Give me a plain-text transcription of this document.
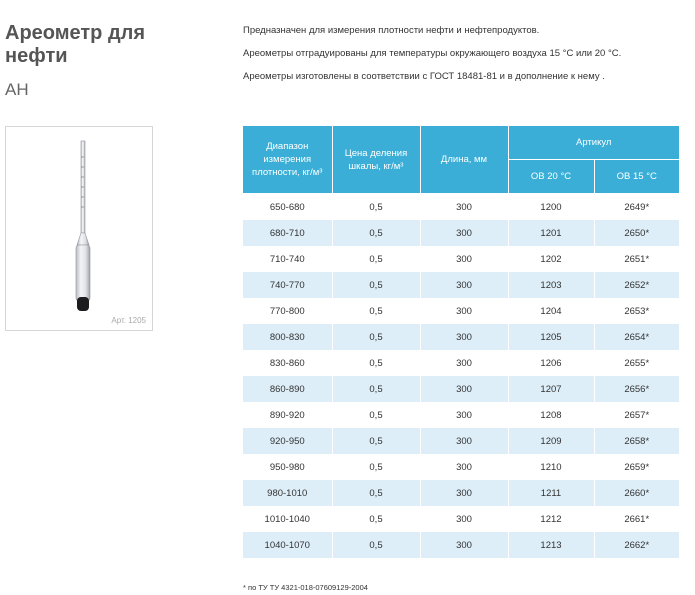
Ареометр для нефти
АН
Арт. 1205

Предназначен для измерения плотности нефти и нефтепродуктов.

Ареометры отградуированы для температуры окружающего воздуха 15 °С или 20 °С.

Ареометры изготовлены в соответствии с ГОСТ 18481-81 и в дополнение к нему .

Диапазон измерения плотности, кг/м³	Цена деления шкалы, кг/м³	Длина, мм	Артикул	
			ОВ 20 °С	ОВ 15 °С
650-680	0,5	300	1200	2649*
680-710	0,5	300	1201	2650*
710-740	0,5	300	1202	2651*
740-770	0,5	300	1203	2652*
770-800	0,5	300	1204	2653*
800-830	0,5	300	1205	2654*
830-860	0,5	300	1206	2655*
860-890	0,5	300	1207	2656*
890-920	0,5	300	1208	2657*
920-950	0,5	300	1209	2658*
950-980	0,5	300	1210	2659*
980-1010	0,5	300	1211	2660*
1010-1040	0,5	300	1212	2661*
1040-1070	0,5	300	1213	2662*
* по ТУ ТУ 4321-018-07609129-2004
